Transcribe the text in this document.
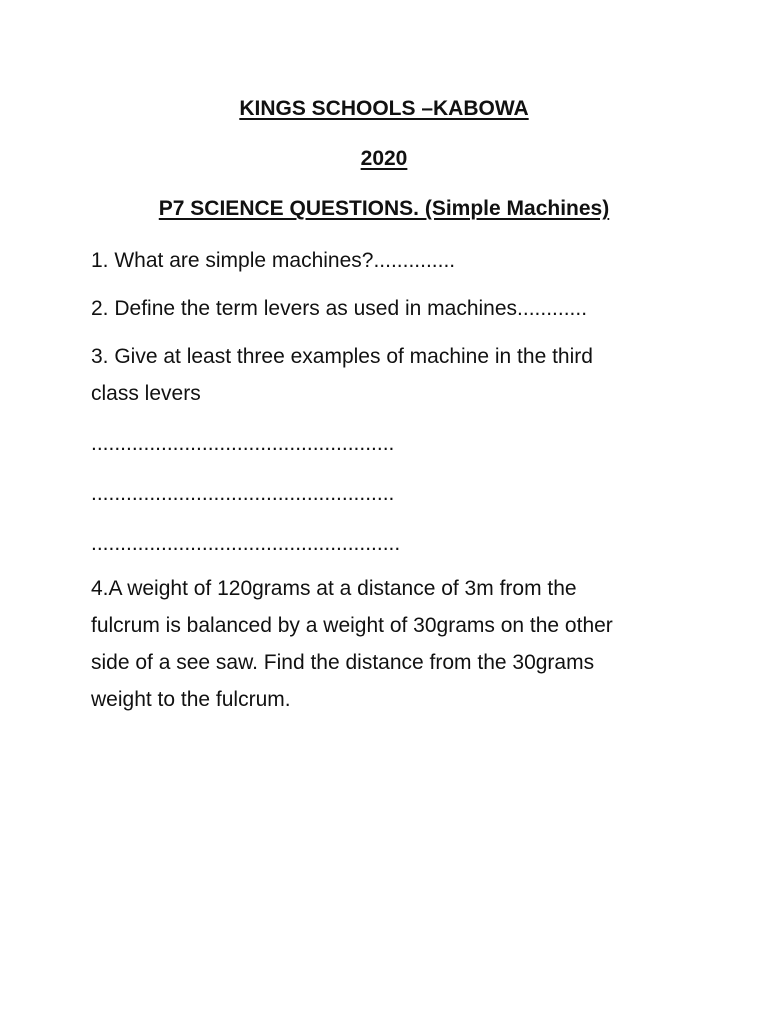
KINGS SCHOOLS –KABOWA
2020
P7 SCIENCE QUESTIONS. (Simple Machines)
1. What are simple machines?..............
2. Define the term levers as used in machines............
3. Give at least three examples of machine in the third
class levers
....................................................
....................................................
.....................................................
4.A weight of 120grams at a distance of 3m from the
fulcrum is balanced by a weight of 30grams on the other
side of a see saw. Find the distance from the 30grams
weight to the fulcrum.
